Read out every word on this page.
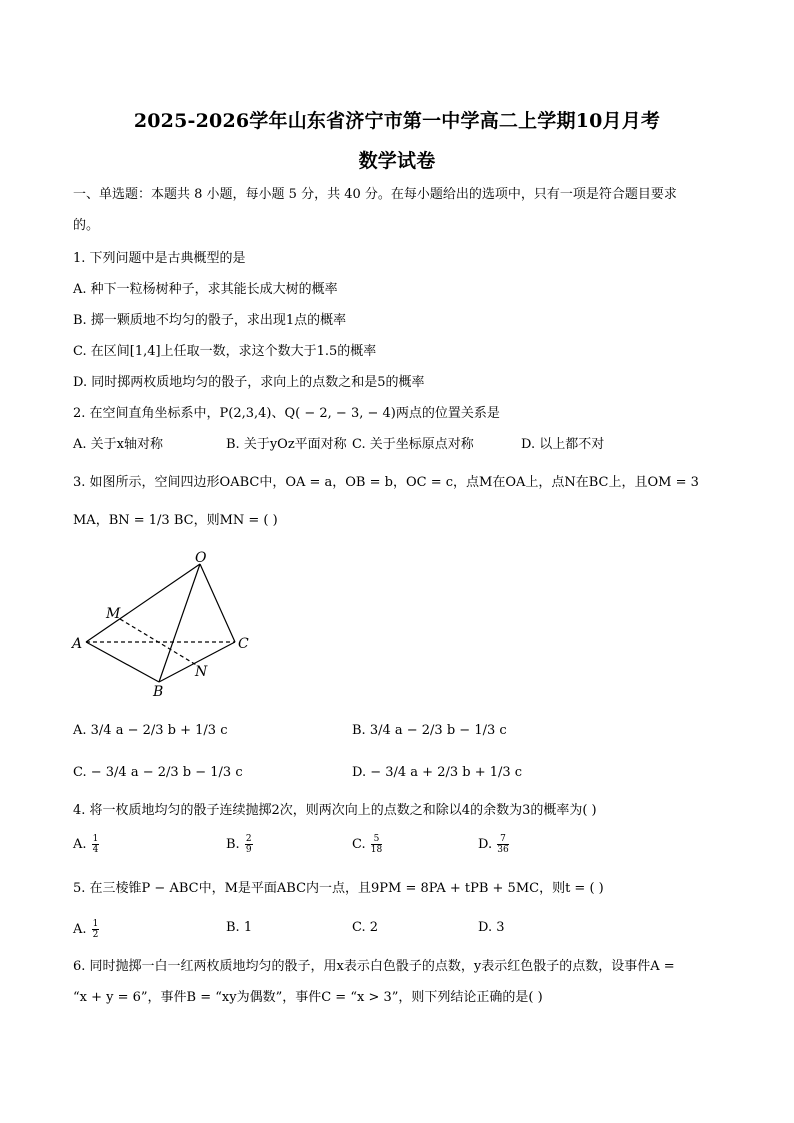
2025-2026学年山东省济宁市第一中学高二上学期10月月考
数学试卷
一、单选题：本题共 8 小题，每小题 5 分，共 40 分。在每小题给出的选项中，只有一项是符合题目要求
的。
1. 下列问题中是古典概型的是
A. 种下一粒杨树种子，求其能长成大树的概率
B. 掷一颗质地不均匀的骰子，求出现1点的概率
C. 在区间[1,4]上任取一数，求这个数大于1.5的概率
D. 同时掷两枚质地均匀的骰子，求向上的点数之和是5的概率
2. 在空间直角坐标系中，P(2,3,4)、Q( − 2, − 3, − 4)两点的位置关系是
A. 关于x轴对称	B. 关于yOz平面对称 C. 关于坐标原点对称	D. 以上都不对
3. 如图所示，空间四边形OABC中，OA = a，OB = b，OC = c，点M在OA上，点N在BC上，且OM = 3
MA，BN = 1/3 BC，则MN = ( )
O
M
A	C
N
B
A. 3/4 a − 2/3 b + 1/3 c	B. 3/4 a − 2/3 b − 1/3 c
C. − 3/4 a − 2/3 b − 1/3 c	D. − 3/4 a + 2/3 b + 1/3 c
4. 将一枚质地均匀的骰子连续抛掷2次，则两次向上的点数之和除以4的余数为3的概率为( )
A. $\frac{1}{4}$	B. $\frac{2}{9}$	C. $\frac{5}{18}$	D. $\frac{7}{36}$
5. 在三棱锥P − ABC中，M是平面ABC内一点，且9PM = 8PA + tPB + 5MC，则t = ( )
A. $\frac{1}{2}$	B. 1	C. 2	D. 3
6. 同时抛掷一白一红两枚质地均匀的骰子，用x表示白色骰子的点数，y表示红色骰子的点数，设事件A =
“x + y = 6”，事件B = “xy为偶数”，事件C = “x > 3”，则下列结论正确的是( )
